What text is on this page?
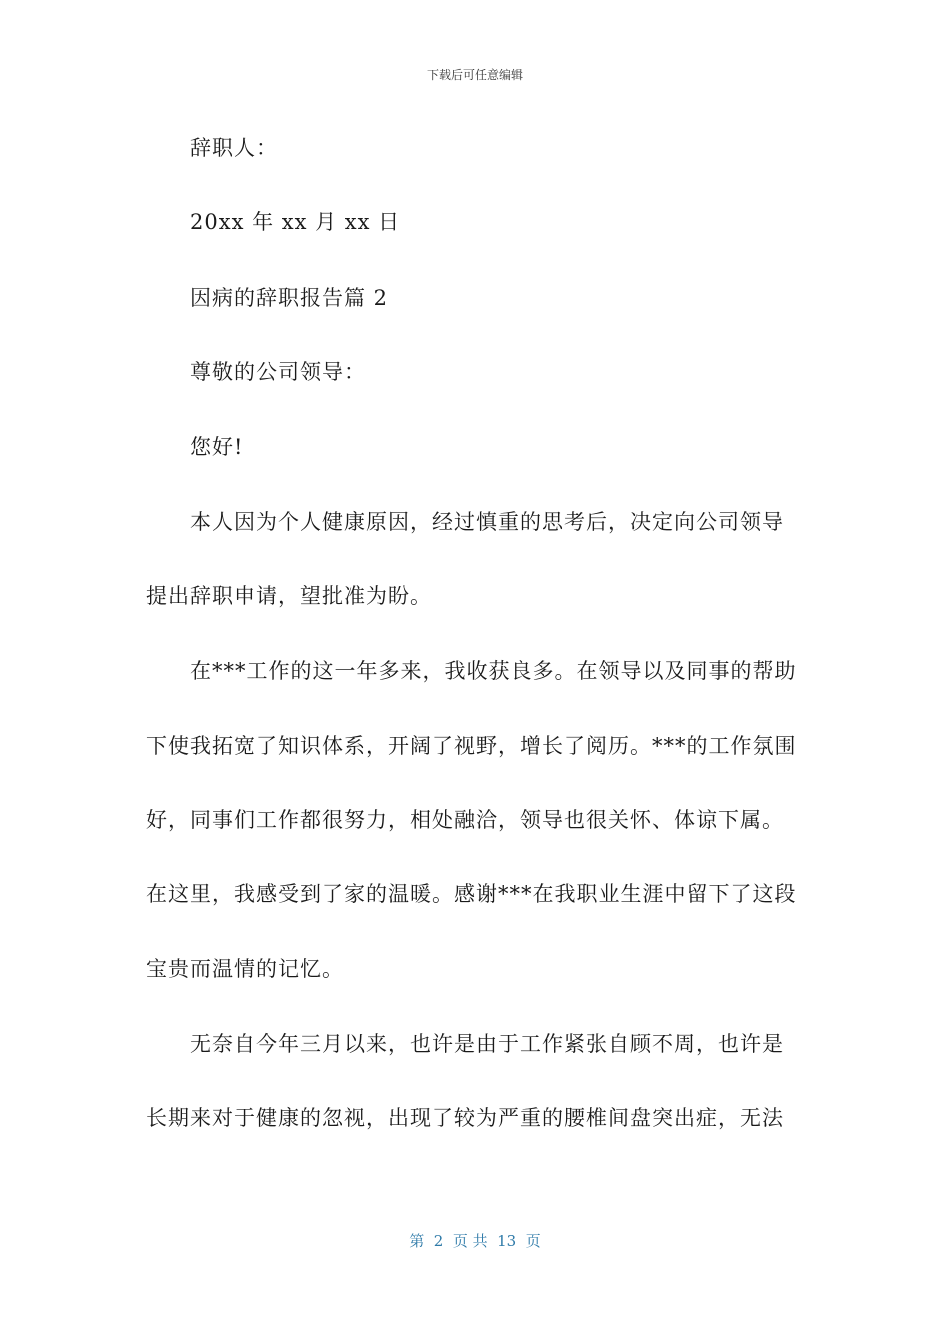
下载后可任意编辑
辞职人：
20xx 年 xx 月 xx 日
因病的辞职报告篇 2
尊敬的公司领导：
您好!
本人因为个人健康原因，经过慎重的思考后，决定向公司领导
提出辞职申请，望批准为盼。
在***工作的这一年多来，我收获良多。在领导以及同事的帮助
下使我拓宽了知识体系，开阔了视野，增长了阅历。***的工作氛围
好，同事们工作都很努力，相处融洽，领导也很关怀、体谅下属。
在这里，我感受到了家的温暖。感谢***在我职业生涯中留下了这段
宝贵而温情的记忆。
无奈自今年三月以来，也许是由于工作紧张自顾不周，也许是
长期来对于健康的忽视，出现了较为严重的腰椎间盘突出症，无法
第  2  页 共  13  页
